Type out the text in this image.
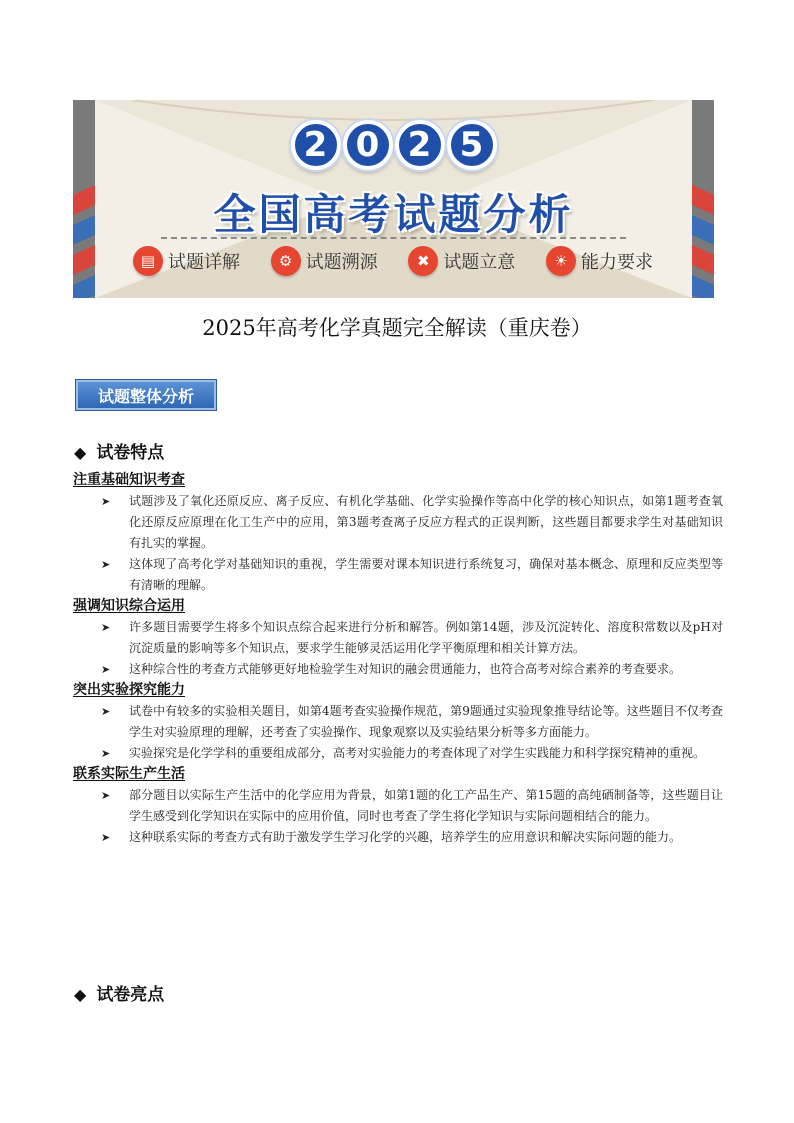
2 0 2 5
全国高考试题分析
▤ 试题详解	⚙ 试题溯源	✖ 试题立意	☀ 能力要求
2025年高考化学真题完全解读（重庆卷）
试题整体分析
◆ 试卷特点
注重基础知识考查
➤ 试题涉及了氧化还原反应、离子反应、有机化学基础、化学实验操作等高中化学的核心知识点，如第1题考查氧化还原反应原理在化工生产中的应用，第3题考查离子反应方程式的正误判断，这些题目都要求学生对基础知识有扎实的掌握。
➤ 这体现了高考化学对基础知识的重视，学生需要对课本知识进行系统复习，确保对基本概念、原理和反应类型等有清晰的理解。
强调知识综合运用
➤ 许多题目需要学生将多个知识点综合起来进行分析和解答。例如第14题，涉及沉淀转化、溶度积常数以及pH对沉淀质量的影响等多个知识点，要求学生能够灵活运用化学平衡原理和相关计算方法。
➤ 这种综合性的考查方式能够更好地检验学生对知识的融会贯通能力，也符合高考对综合素养的考查要求。
突出实验探究能力
➤ 试卷中有较多的实验相关题目，如第4题考查实验操作规范，第9题通过实验现象推导结论等。这些题目不仅考查学生对实验原理的理解，还考查了实验操作、现象观察以及实验结果分析等多方面能力。
➤ 实验探究是化学学科的重要组成部分，高考对实验能力的考查体现了对学生实践能力和科学探究精神的重视。
联系实际生产生活
➤ 部分题目以实际生产生活中的化学应用为背景，如第1题的化工产品生产、第15题的高纯硒制备等，这些题目让学生感受到化学知识在实际中的应用价值，同时也考查了学生将化学知识与实际问题相结合的能力。
➤ 这种联系实际的考查方式有助于激发学生学习化学的兴趣，培养学生的应用意识和解决实际问题的能力。
◆ 试卷亮点
